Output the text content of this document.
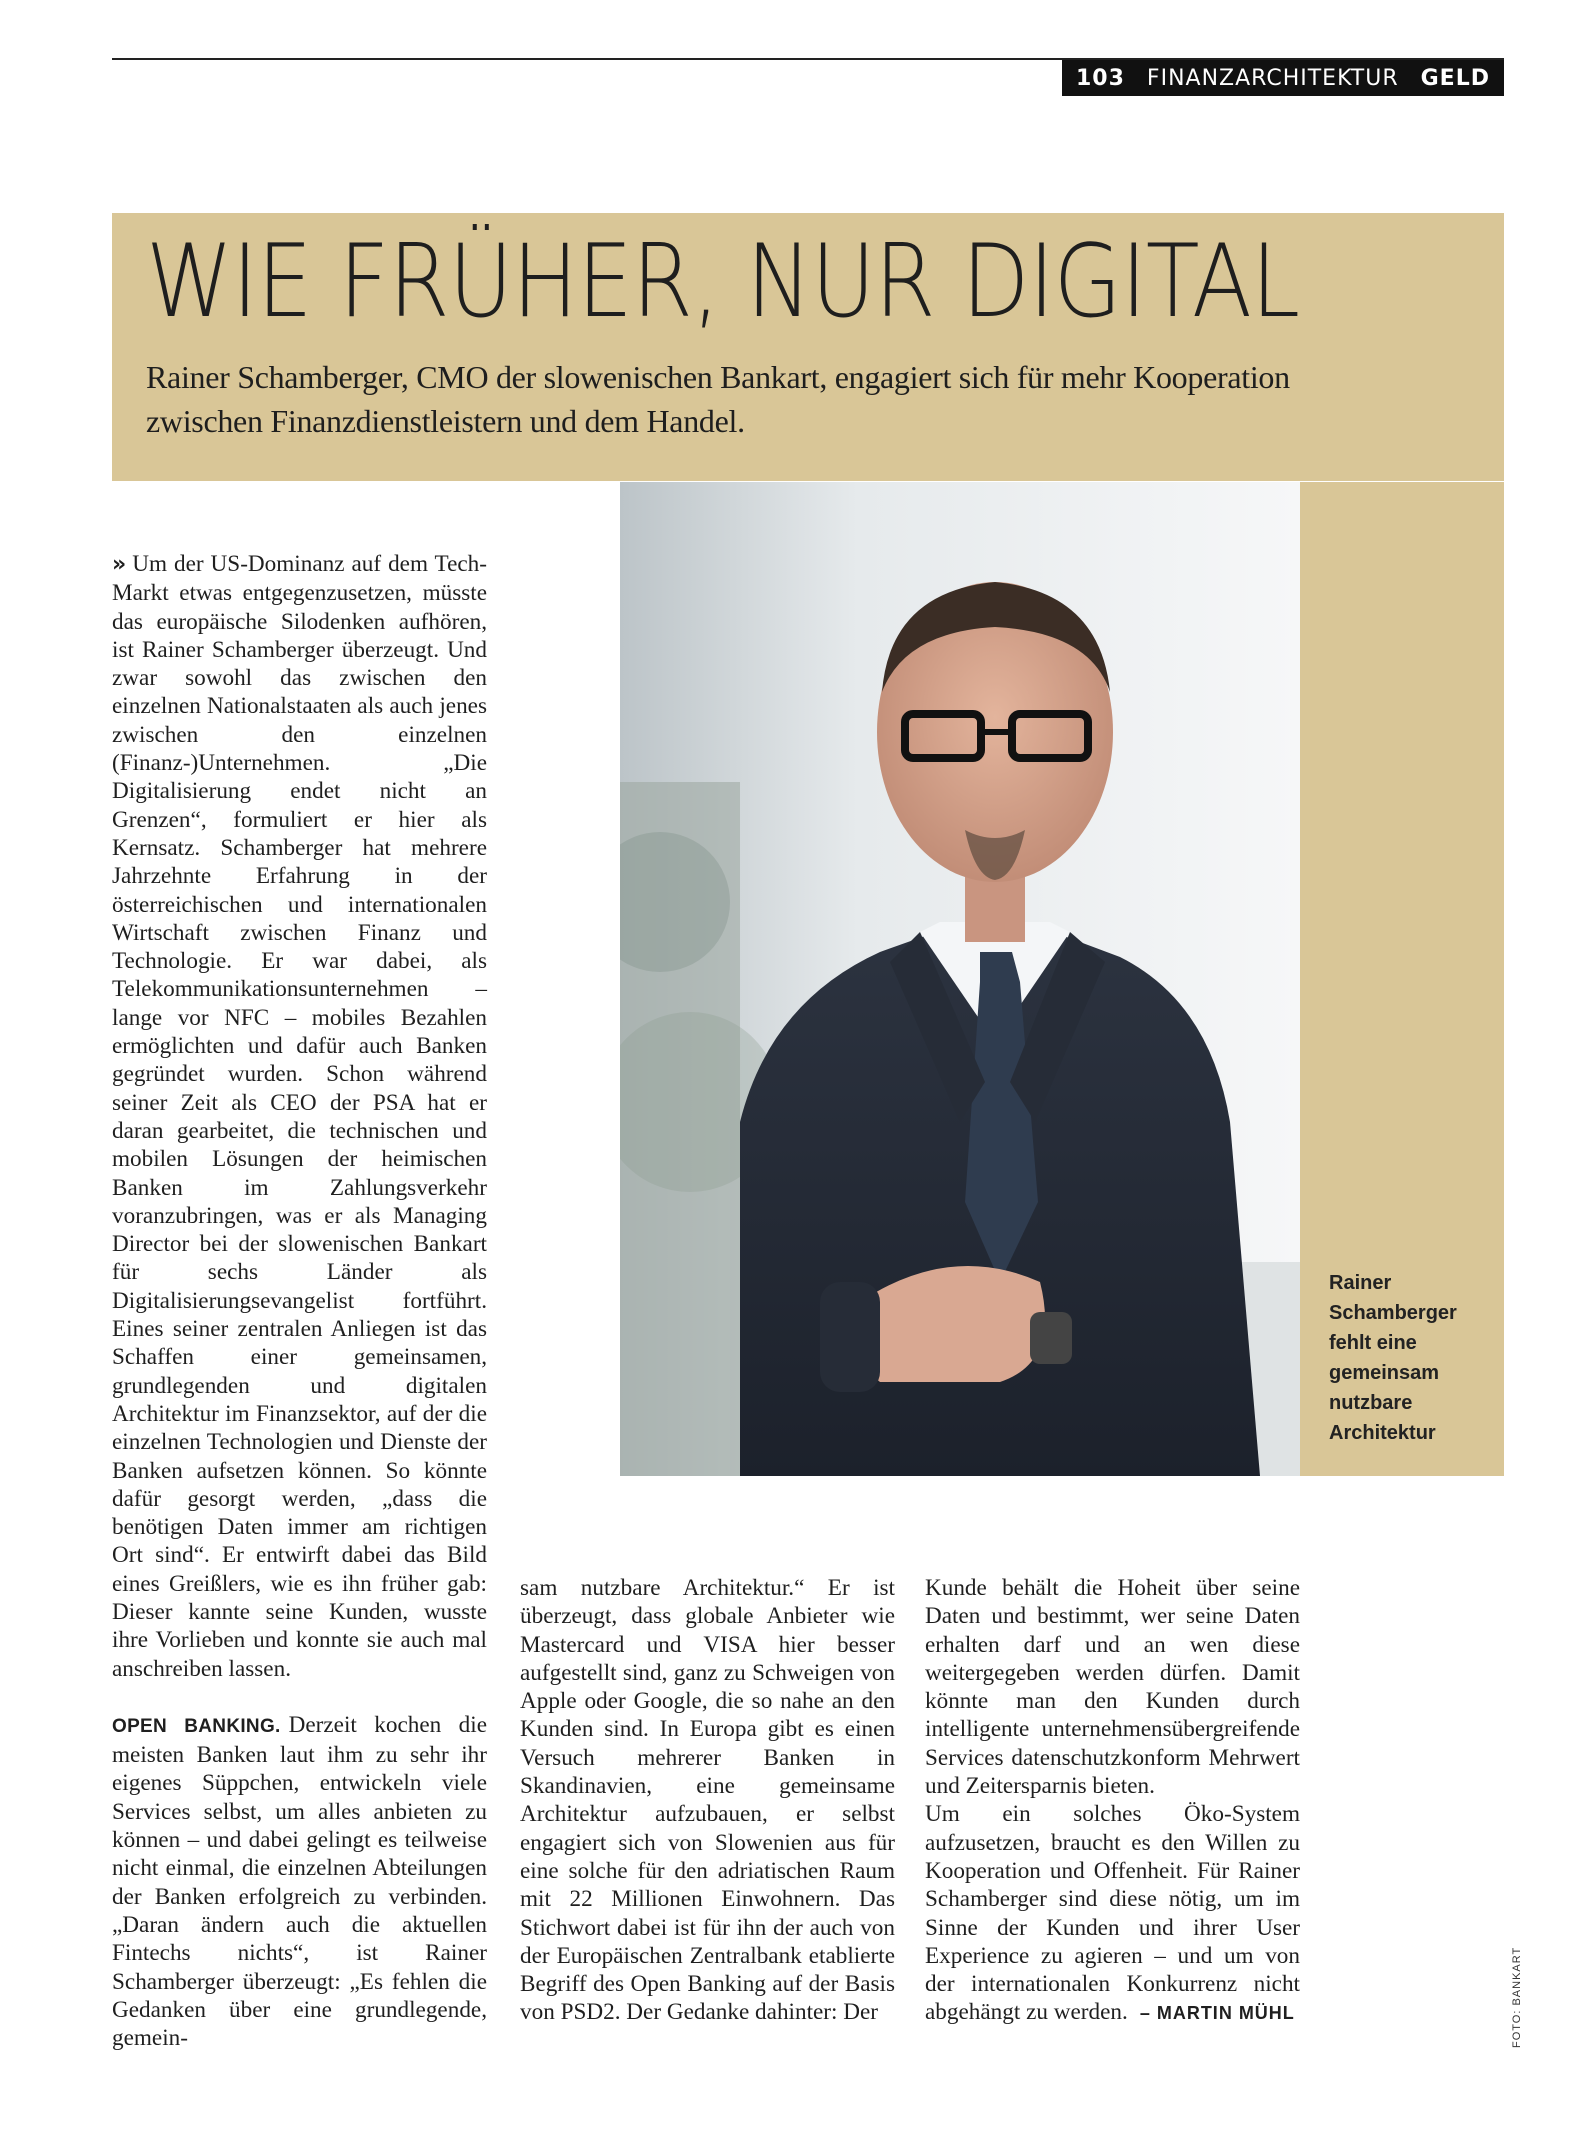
103 FINANZARCHITEKTUR GELD
WIE FRÜHER, NUR DIGITAL

Rainer Schamberger, CMO der slowenischen Bankart, engagiert sich für mehr Kooperation zwischen Finanzdienstleistern und dem Handel.

Rainer Schamberger fehlt eine gemeinsam nutzbare Architektur

» Um der US-Dominanz auf dem Tech-Markt etwas entgegenzusetzen, müsste das europäische Silodenken aufhören, ist Rainer Schamberger überzeugt. Und zwar sowohl das zwischen den einzelnen Nationalstaaten als auch jenes zwischen den einzelnen (Finanz-)Unternehmen. „Die Digitalisierung endet nicht an Grenzen“, formuliert er hier als Kernsatz. Schamberger hat mehrere Jahrzehnte Erfahrung in der österreichischen und internationalen Wirtschaft zwischen Finanz und Technologie. Er war dabei, als Telekommunikationsunternehmen – lange vor NFC – mobiles Bezahlen ermöglichten und dafür auch Banken gegründet wurden. Schon während seiner Zeit als CEO der PSA hat er daran gearbeitet, die technischen und mobilen Lösungen der heimischen Banken im Zahlungsverkehr voranzubringen, was er als Managing Director bei der slowenischen Bankart für sechs Länder als Digitalisierungsevangelist fortführt. Eines seiner zentralen Anliegen ist das Schaffen einer gemeinsamen, grundlegenden und digitalen Architektur im Finanzsektor, auf der die einzelnen Technologien und Dienste der Banken aufsetzen können. So könnte dafür gesorgt werden, „dass die benötigen Daten immer am richtigen Ort sind“. Er entwirft dabei das Bild eines Greißlers, wie es ihn früher gab: Dieser kannte seine Kunden, wusste ihre Vorlieben und konnte sie auch mal anschreiben lassen.

OPEN BANKING. Derzeit kochen die meisten Banken laut ihm zu sehr ihr eigenes Süppchen, entwickeln viele Services selbst, um alles anbieten zu können – und dabei gelingt es teilweise nicht einmal, die einzelnen Abteilungen der Banken erfolgreich zu verbinden. „Daran ändern auch die aktuellen Fintechs nichts“, ist Rainer Schamberger überzeugt: „Es fehlen die Gedanken über eine grundlegende, gemein-

sam nutzbare Architektur.“ Er ist überzeugt, dass globale Anbieter wie Mastercard und VISA hier besser aufgestellt sind, ganz zu Schweigen von Apple oder Google, die so nahe an den Kunden sind. In Europa gibt es einen Versuch mehrerer Banken in Skandinavien, eine gemeinsame Architektur aufzubauen, er selbst engagiert sich von Slowenien aus für eine solche für den adriatischen Raum mit 22 Millionen Einwohnern. Das Stichwort dabei ist für ihn der auch von der Europäischen Zentralbank etablierte Begriff des Open Banking auf der Basis von PSD2. Der Gedanke dahinter: Der

Kunde behält die Hoheit über seine Daten und bestimmt, wer seine Daten erhalten darf und an wen diese weitergegeben werden dürfen. Damit könnte man den Kunden durch intelligente unternehmensübergreifende Services datenschutzkonform Mehrwert und Zeitersparnis bieten.

Um ein solches Öko-System aufzusetzen, braucht es den Willen zu Kooperation und Offenheit. Für Rainer Schamberger sind diese nötig, um im Sinne der Kunden und ihrer User Experience zu agieren – und um von der internationalen Konkurrenz nicht abgehängt zu werden. – MARTIN MÜHL	FOTO: BANKART
